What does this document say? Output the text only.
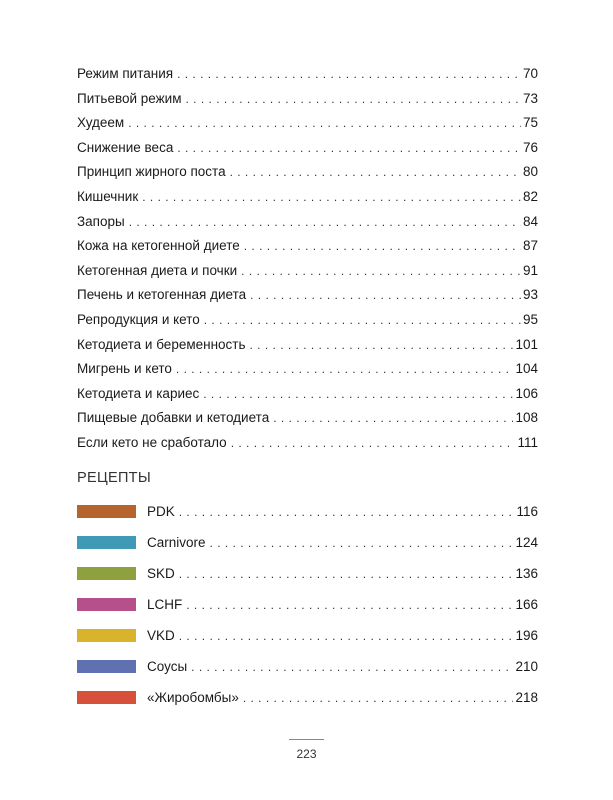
Режим питания . . .	70
Питьевой режим . . .	73
Худеем . . .	75
Снижение веса . . .	76
Принцип жирного поста . . .	80
Кишечник . . .	82
Запоры . . .	84
Кожа на кетогенной диете . . .	87
Кетогенная диета и почки . . .	91
Печень и кетогенная диета . . .	93
Репродукция и кето . . .	95
Кетодиета и беременность . . .	101
Мигрень и кето . . .	104
Кетодиета и кариес . . .	106
Пищевые добавки и кетодиета . . .	108
Если кето не сработало . . .	111
РЕЦЕПТЫ
PDK . . .	116
Carnivore . . .	124
SKD . . .	136
LCHF . . .	166
VKD . . .	196
Соусы . . .	210
«Жиробомбы» . . .	218
223
